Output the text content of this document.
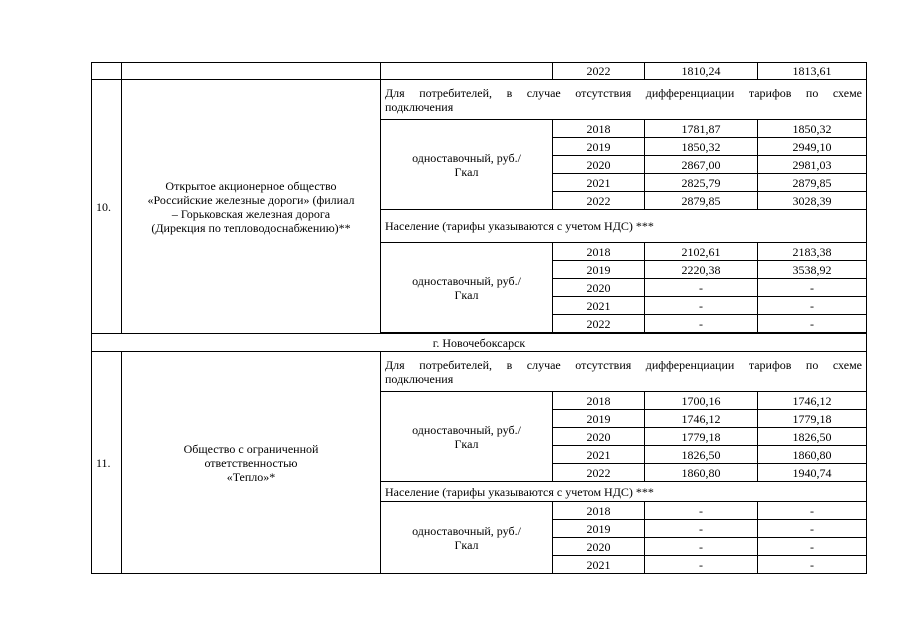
			2022	1810,24	1813,61
10.	Открытое акционерное общество «Российские железные дороги» (филиал – Горьковская железная дорога (Дирекция по тепловодоснабжению)**	Для потребителей, в случае отсутствия дифференциации тарифов по схеме
подключения			

		одноставочный, руб./Гкал	2018	1781,87	1850,32
			2019	1850,32	2949,10
			2020	2867,00	2981,03
			2021	2825,79	2879,85
			2022	2879,85	3028,39
		Население (тарифы указываются с учетом НДС) ***			
		одноставочный, руб./Гкал	2018	2102,61	2183,38
			2019	2220,38	3538,92
			2020	-	-
			2021	-	-
			2022	-	-

г. Новочебоксарск					
11.	Общество с ограниченной ответственностью «Тепло»*	Для потребителей, в случае отсутствия дифференциации тарифов по схеме
подключения			

		одноставочный, руб./Гкал	2018	1700,16	1746,12
			2019	1746,12	1779,18
			2020	1779,18	1826,50
			2021	1826,50	1860,80
			2022	1860,80	1940,74
		Население (тарифы указываются с учетом НДС) ***			
		одноставочный, руб./Гкал	2018	-	-
			2019	-	-
			2020	-	-
			2021	-	-
